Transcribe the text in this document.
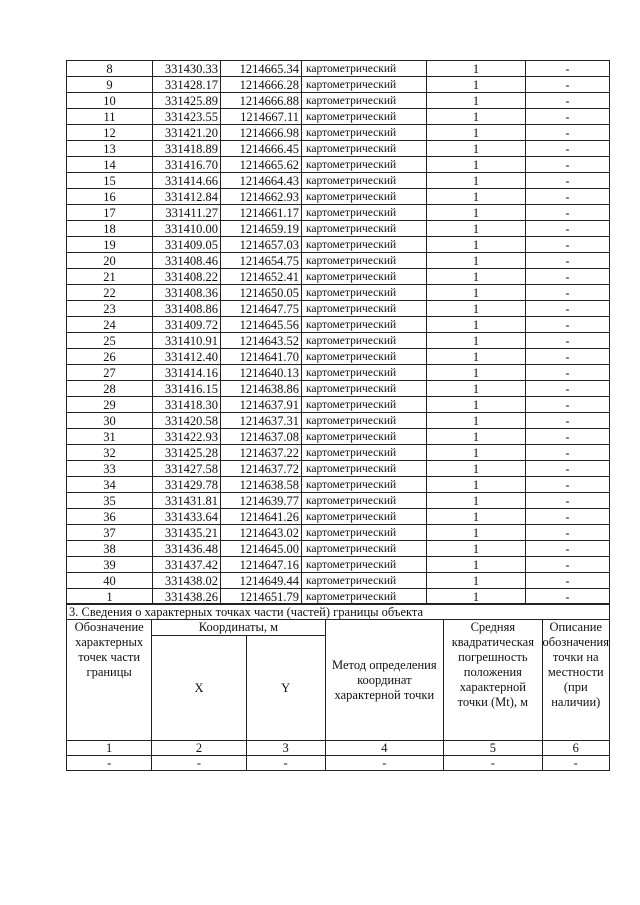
8	331430.33	1214665.34	картометрический	1	-
9	331428.17	1214666.28	картометрический	1	-
10	331425.89	1214666.88	картометрический	1	-
11	331423.55	1214667.11	картометрический	1	-
12	331421.20	1214666.98	картометрический	1	-
13	331418.89	1214666.45	картометрический	1	-
14	331416.70	1214665.62	картометрический	1	-
15	331414.66	1214664.43	картометрический	1	-
16	331412.84	1214662.93	картометрический	1	-
17	331411.27	1214661.17	картометрический	1	-
18	331410.00	1214659.19	картометрический	1	-
19	331409.05	1214657.03	картометрический	1	-
20	331408.46	1214654.75	картометрический	1	-
21	331408.22	1214652.41	картометрический	1	-
22	331408.36	1214650.05	картометрический	1	-
23	331408.86	1214647.75	картометрический	1	-
24	331409.72	1214645.56	картометрический	1	-
25	331410.91	1214643.52	картометрический	1	-
26	331412.40	1214641.70	картометрический	1	-
27	331414.16	1214640.13	картометрический	1	-
28	331416.15	1214638.86	картометрический	1	-
29	331418.30	1214637.91	картометрический	1	-
30	331420.58	1214637.31	картометрический	1	-
31	331422.93	1214637.08	картометрический	1	-
32	331425.28	1214637.22	картометрический	1	-
33	331427.58	1214637.72	картометрический	1	-
34	331429.78	1214638.58	картометрический	1	-
35	331431.81	1214639.77	картометрический	1	-
36	331433.64	1214641.26	картометрический	1	-
37	331435.21	1214643.02	картометрический	1	-
38	331436.48	1214645.00	картометрический	1	-
39	331437.42	1214647.16	картометрический	1	-
40	331438.02	1214649.44	картометрический	1	-
1	331438.26	1214651.79	картометрический	1	-
3. Сведения о характерных точках части (частей) границы объекта					
Обозначение характерных точек части границы	Координаты, м		Метод определения координат характерной точки	Средняя квадратическая погрешность положения характерной точки (Mt), м	Описание обозначения точки на местности (при наличии)
	X	Y			
1	2	3	4	5	6
-	-	-	-	-	-
